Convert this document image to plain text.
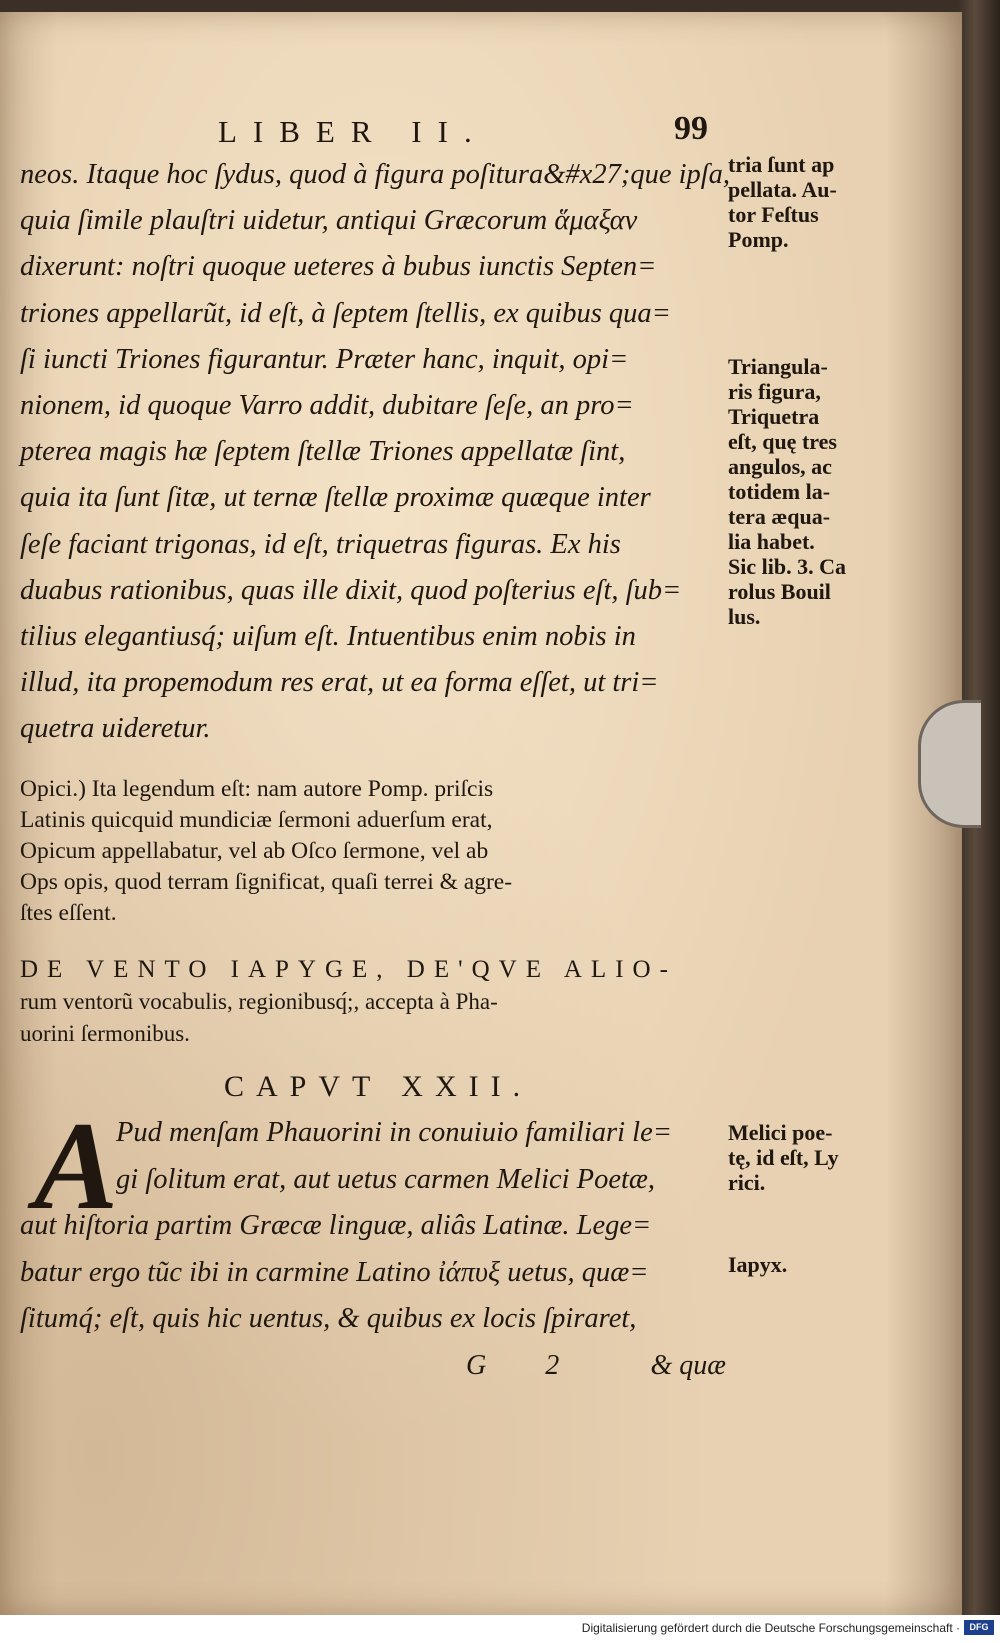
LIBER II.	99
neos. Itaque hoc ſydus, quod à figura poſitura&#x27;que ipſa,
quia ſimile plauſtri uidetur, antiqui Græcorum ἅμαξαν
dixerunt: noſtri quoque ueteres à bubus iunctis Septen=
triones appellarũt, id eſt, à ſeptem ſtellis, ex quibus qua=
ſi iuncti Triones figurantur. Præter hanc, inquit, opi=
nionem, id quoque Varro addit, dubitare ſeſe, an pro=
pterea magis hæ ſeptem ſtellæ Triones appellatæ ſint,
quia ita ſunt ſitæ, ut ternæ ſtellæ proximæ quæque inter
ſeſe faciant trigonas, id eſt, triquetras figuras. Ex his
duabus rationibus, quas ille dixit, quod poſterius eſt, ſub=
tilius elegantiusq́; uiſum eſt. Intuentibus enim nobis in
illud, ita propemodum res erat, ut ea forma eſſet, ut tri=
quetra uideretur.
Opici.) Ita legendum eſt: nam autore Pomp. priſcis
Latinis quicquid mundiciæ ſermoni aduerſum erat,
Opicum appellabatur, vel ab Oſco ſermone, vel ab
Ops opis, quod terram ſignificat, quaſi terrei & agre-
ſtes eſſent.
DE VENTO IAPYGE, DE'QVE ALIO-
rum ventorũ vocabulis, regionibusq́;, accepta à Pha-
uorini ſermonibus.
CAPVT XXII.
A
Pud menſam Phauorini in conuiuio familiari le=
gi ſolitum erat, aut uetus carmen Melici Poetæ,
aut hiſtoria partim Græcæ linguæ, aliâs Latinæ. Lege=
batur ergo tũc ibi in carmine Latino ἰάπυξ uetus, quæ=
ſitumq́; eſt, quis hic uentus, & quibus ex locis ſpiraret,
tria ſunt ap
pellata. Au-
tor Feſtus
Pomp.
Triangula-
ris figura,
Triquetra
eſt, quę tres
angulos, ac
totidem la-
tera æqua-
lia habet.
Sic lib. 3. Ca
rolus Bouil
lus.
Melici poe-
tę, id eſt, Ly
rici.
Iapyx.
G 2 & quæ
Digitalisierung gefördert durch die Deutsche Forschungsgemeinschaft ·	DFG
